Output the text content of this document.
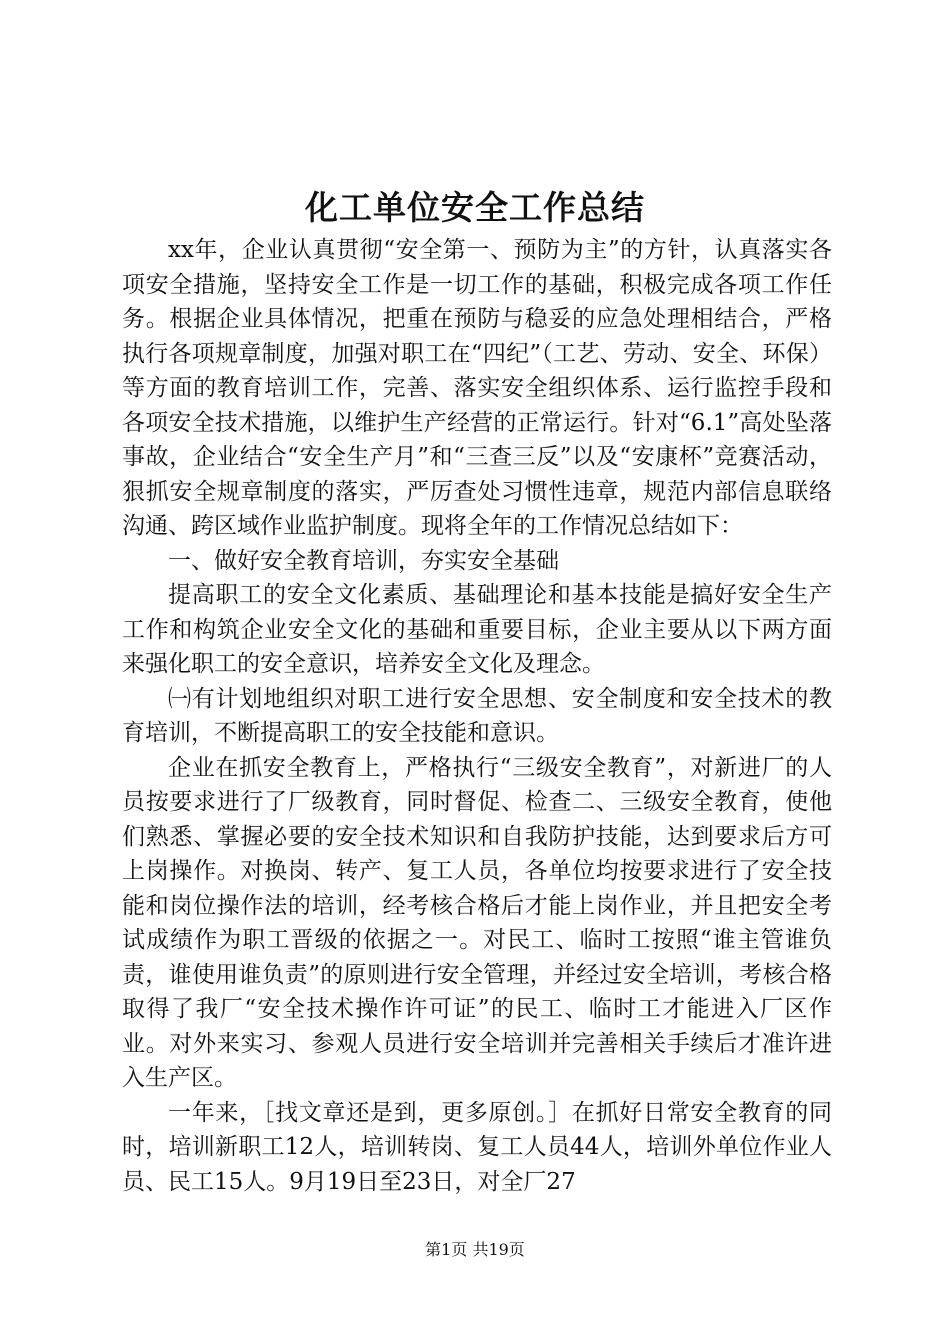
化工单位安全工作总结

xx年，企业认真贯彻“安全第一、预防为主”的方针，认真落实各项安全措施，坚持安全工作是一切工作的基础，积极完成各项工作任务。根据企业具体情况，把重在预防与稳妥的应急处理相结合，严格执行各项规章制度，加强对职工在“四纪”（工艺、劳动、安全、环保）等方面的教育培训工作，完善、落实安全组织体系、运行监控手段和各项安全技术措施，以维护生产经营的正常运行。针对“6.1”高处坠落事故，企业结合“安全生产月”和“三查三反”以及“安康杯”竞赛活动，狠抓安全规章制度的落实，严厉查处习惯性违章，规范内部信息联络沟通、跨区域作业监护制度。现将全年的工作情况总结如下：

一、做好安全教育培训，夯实安全基础

提高职工的安全文化素质、基础理论和基本技能是搞好安全生产工作和构筑企业安全文化的基础和重要目标，企业主要从以下两方面来强化职工的安全意识，培养安全文化及理念。

㈠有计划地组织对职工进行安全思想、安全制度和安全技术的教育培训，不断提高职工的安全技能和意识。

企业在抓安全教育上，严格执行“三级安全教育”，对新进厂的人员按要求进行了厂级教育，同时督促、检查二、三级安全教育，使他们熟悉、掌握必要的安全技术知识和自我防护技能，达到要求后方可上岗操作。对换岗、转产、复工人员，各单位均按要求进行了安全技能和岗位操作法的培训，经考核合格后才能上岗作业，并且把安全考试成绩作为职工晋级的依据之一。对民工、临时工按照“谁主管谁负责，谁使用谁负责”的原则进行安全管理，并经过安全培训，考核合格取得了我厂“安全技术操作许可证”的民工、临时工才能进入厂区作业。对外来实习、参观人员进行安全培训并完善相关手续后才准许进入生产区。

一年来，［找文章还是到，更多原创。］在抓好日常安全教育的同时，培训新职工12人，培训转岗、复工人员44人，培训外单位作业人员、民工15人。9月19日至23日，对全厂27

第1页 共19页
